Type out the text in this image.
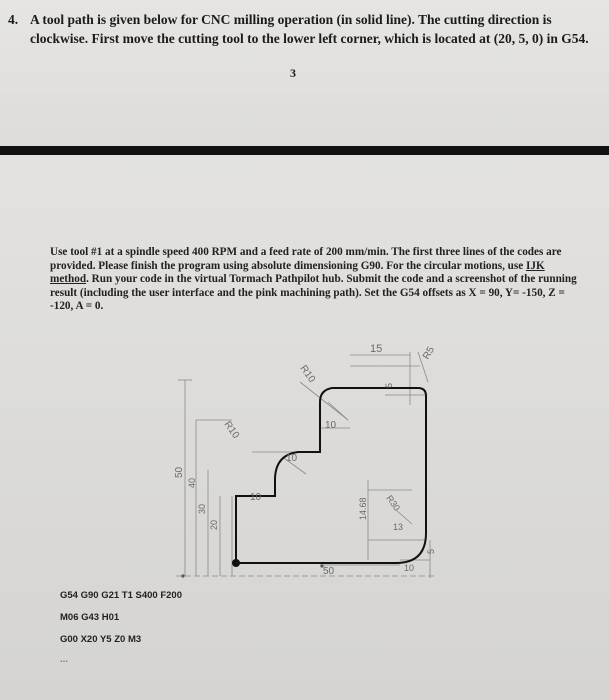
4. A tool path is given below for CNC milling operation (in solid line). The cutting direction is clockwise. First move the cutting tool to the lower left corner, which is located at (20, 5, 0) in G54.
3
Use tool #1 at a spindle speed 400 RPM and a feed rate of 200 mm/min. The first three lines of the codes are provided. Please finish the program using absolute dimensioning G90. For the circular motions, use IJK method. Run your code in the virtual Tormach Pathpilot hub. Submit the code and a screenshot of the running result (including the user interface and the pink machining path). Set the G54 offsets as X = 90, Y= -150, Z = -120, A = 0.
R10
R10
R5
R30
15
10
5
10
10
50
40
30
20
14.68
13
50	10
5
G54 G90 G21 T1 S400 F200
M06 G43 H01
G00 X20 Y5 Z0 M3
...
